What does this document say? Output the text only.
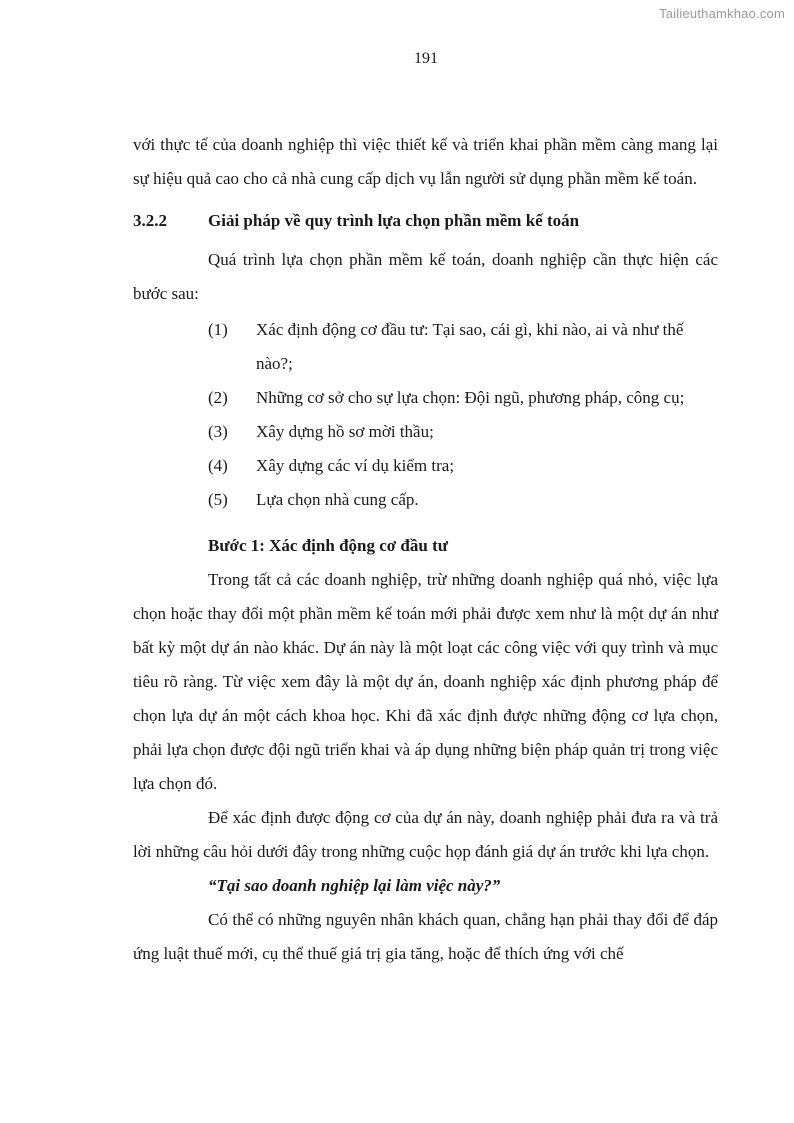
Tailieuthamkhao.com
191

với thực tế của doanh nghiệp thì việc thiết kế và triển khai phần mềm càng mang lại sự hiệu quả cao cho cả nhà cung cấp dịch vụ lẫn người sử dụng phần mềm kế toán.

3.2.2	Giải pháp về quy trình lựa chọn phần mềm kế toán

Quá trình lựa chọn phần mềm kế toán, doanh nghiệp cần thực hiện các bước sau:

(1)	Xác định động cơ đầu tư: Tại sao, cái gì, khi nào, ai và như thế nào?;
(2)	Những cơ sở cho sự lựa chọn: Đội ngũ, phương pháp, công cụ;
(3)	Xây dựng hồ sơ mời thầu;
(4)	Xây dựng các ví dụ kiểm tra;
(5)	Lựa chọn nhà cung cấp.

Bước 1: Xác định động cơ đầu tư

Trong tất cả các doanh nghiệp, trừ những doanh nghiệp quá nhỏ, việc lựa chọn hoặc thay đổi một phần mềm kế toán mới phải được xem như là một dự án như bất kỳ một dự án nào khác. Dự án này là một loạt các công việc với quy trình và mục tiêu rõ ràng. Từ việc xem đây là một dự án, doanh nghiệp xác định phương pháp để chọn lựa dự án một cách khoa học. Khi đã xác định được những động cơ lựa chọn, phải lựa chọn được đội ngũ triển khai và áp dụng những biện pháp quản trị trong việc lựa chọn đó.

Để xác định được động cơ của dự án này, doanh nghiệp phải đưa ra và trả lời những câu hỏi dưới đây trong những cuộc họp đánh giá dự án trước khi lựa chọn.

“Tại sao doanh nghiệp lại làm việc này?”

Có thể có những nguyên nhân khách quan, chẳng hạn phải thay đổi để đáp ứng luật thuế mới, cụ thể thuế giá trị gia tăng, hoặc để thích ứng với chế
